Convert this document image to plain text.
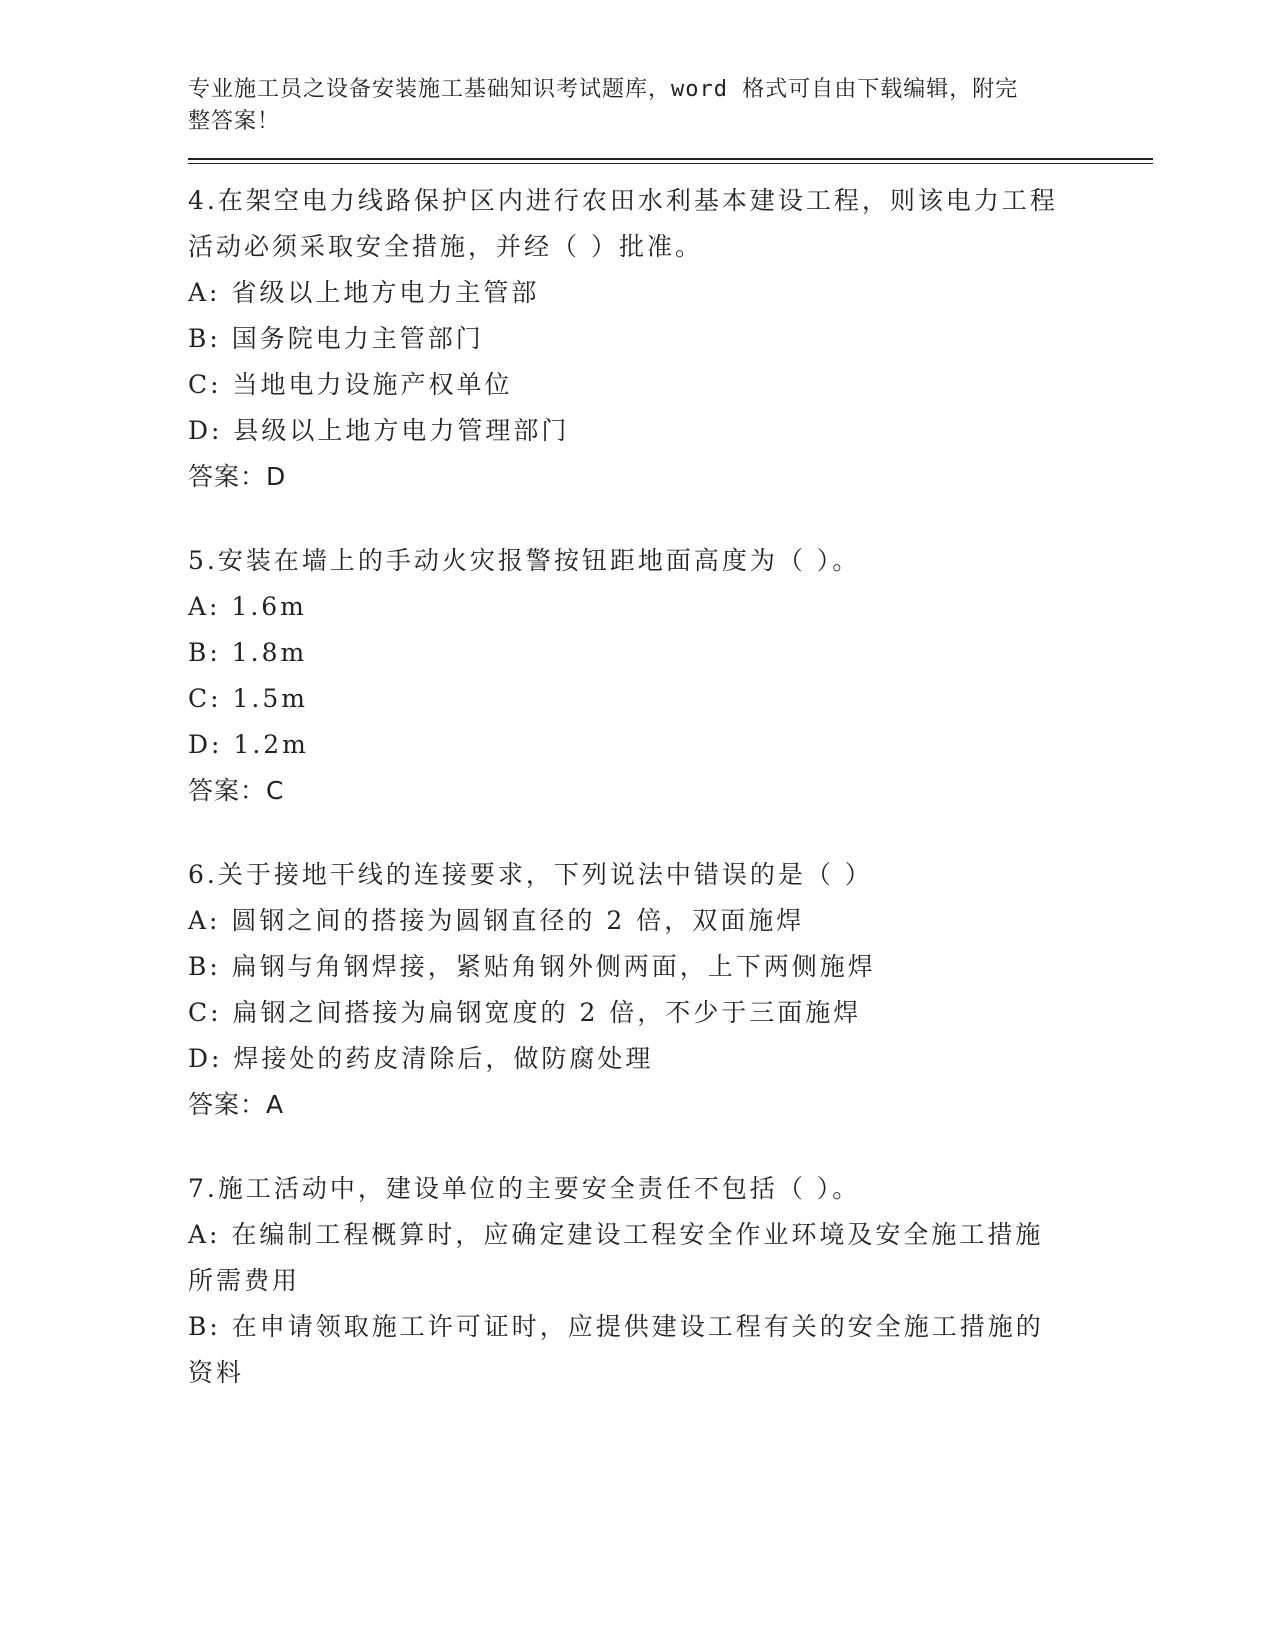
专业施工员之设备安装施工基础知识考试题库，word 格式可自由下载编辑，附完
整答案！
4.在架空电力线路保护区内进行农田水利基本建设工程，则该电力工程活动必须采取安全措施，并经（ ）批准。
A: 省级以上地方电力主管部
B: 国务院电力主管部门
C: 当地电力设施产权单位
D: 县级以上地方电力管理部门
答案：D
5.安装在墙上的手动火灾报警按钮距地面高度为（ ）。
A: 1.6m
B: 1.8m
C: 1.5m
D: 1.2m
答案：C
6.关于接地干线的连接要求，下列说法中错误的是（ ）
A: 圆钢之间的搭接为圆钢直径的 2 倍，双面施焊
B: 扁钢与角钢焊接，紧贴角钢外侧两面，上下两侧施焊
C: 扁钢之间搭接为扁钢宽度的 2 倍，不少于三面施焊
D: 焊接处的药皮清除后，做防腐处理
答案：A
7.施工活动中，建设单位的主要安全责任不包括（ ）。
A: 在编制工程概算时，应确定建设工程安全作业环境及安全施工措施所需费用
B: 在申请领取施工许可证时，应提供建设工程有关的安全施工措施的资料
